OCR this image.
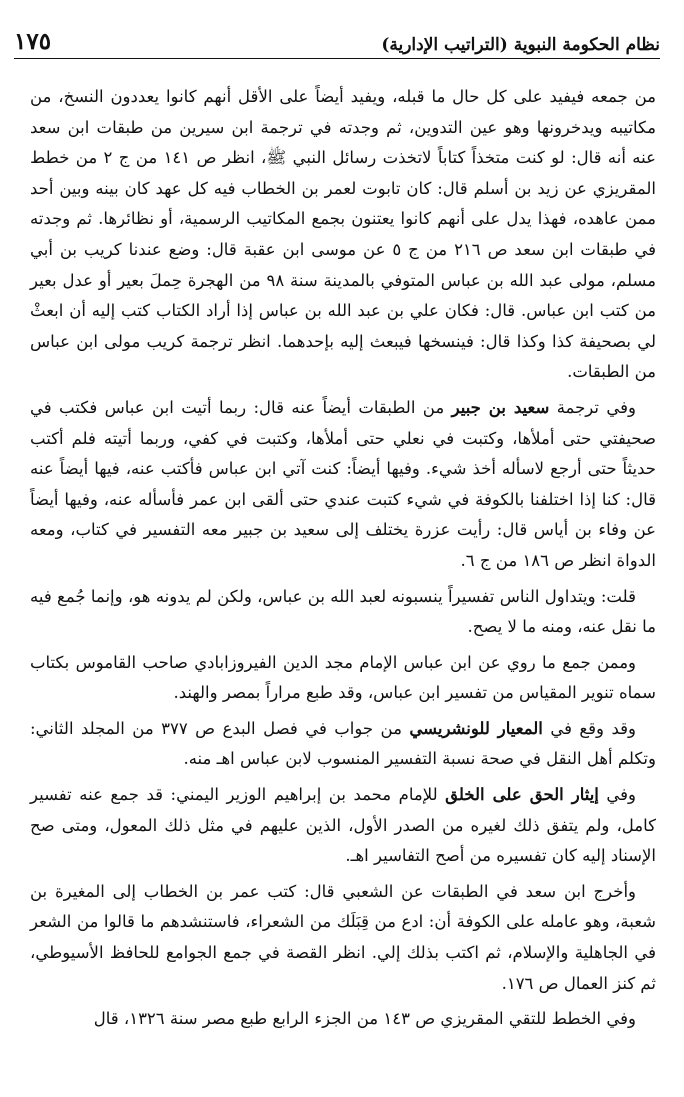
نظام الحكومة النبوية (التراتيب الإدارية)
١٧٥

من جمعه فيفيد على كل حال ما قبله، ويفيد أيضاً على الأقل أنهم كانوا يعددون النسخ، من مكاتيبه ويدخرونها وهو عين التدوين، ثم وجدته في ترجمة ابن سيرين من طبقات ابن سعد عنه أنه قال: لو كنت متخذاً كتاباً لاتخذت رسائل النبي ﷺ، انظر ص ١٤١ من ج ٢ من خطط المقريزي عن زيد بن أسلم قال: كان تابوت لعمر بن الخطاب فيه كل عهد كان بينه وبين أحد ممن عاهده، فهذا يدل على أنهم كانوا يعتنون بجمع المكاتيب الرسمية، أو نظائرها. ثم وجدته في طبقات ابن سعد ص ٢١٦ من ج ٥ عن موسى ابن عقبة قال: وضع عندنا كريب بن أبي مسلم، مولى عبد الله بن عباس المتوفي بالمدينة سنة ٩٨ من الهجرة حِملَ بعير أو عدل بعير من كتب ابن عباس. قال: فكان علي بن عبد الله بن عباس إذا أراد الكتاب كتب إليه أن ابعثْ لي بصحيفة كذا وكذا قال: فينسخها فيبعث إليه بإحدهما. انظر ترجمة كريب مولى ابن عباس من الطبقات.

وفي ترجمة سعيد بن جبير من الطبقات أيضاً عنه قال: ربما أتيت ابن عباس فكتب في صحيفتي حتى أملأها، وكتبت في نعلي حتى أملأها، وكتبت في كفي، وربما أتيته فلم أكتب حديثاً حتى أرجع لاسأله أخذ شيء. وفيها أيضاً: كنت آتي ابن عباس فأكتب عنه، فيها أيضاً عنه قال: كنا إذا اختلفنا بالكوفة في شيء كتبت عندي حتى ألقى ابن عمر فأسأله عنه، وفيها أيضاً عن وفاء بن أياس قال: رأيت عزرة يختلف إلى سعيد بن جبير معه التفسير في كتاب، ومعه الدواة انظر ص ١٨٦ من ج ٦.

قلت: ويتداول الناس تفسيراً ينسبونه لعبد الله بن عباس، ولكن لم يدونه هو، وإنما جُمع فيه ما نقل عنه، ومنه ما لا يصح.

وممن جمع ما روي عن ابن عباس الإمام مجد الدين الفيروزابادي صاحب القاموس بكتاب سماه تنوير المقياس من تفسير ابن عباس، وقد طبع مراراً بمصر والهند.

وقد وقع في المعيار للونشريسي من جواب في فصل البدع ص ٣٧٧ من المجلد الثاني: وتكلم أهل النقل في صحة نسبة التفسير المنسوب لابن عباس اهـ منه.

وفي إيثار الحق على الخلق للإمام محمد بن إبراهيم الوزير اليمني: قد جمع عنه تفسير كامل، ولم يتفق ذلك لغيره من الصدر الأول، الذين عليهم في مثل ذلك المعول، ومتى صح الإسناد إليه كان تفسيره من أصح التفاسير اهـ.

وأخرج ابن سعد في الطبقات عن الشعبي قال: كتب عمر بن الخطاب إلى المغيرة بن شعبة، وهو عامله على الكوفة أن: ادع من قِبَلَك من الشعراء، فاستنشدهم ما قالوا من الشعر في الجاهلية والإسلام، ثم اكتب بذلك إلي. انظر القصة في جمع الجوامع للحافظ الأسيوطي، ثم كنز العمال ص ١٧٦.

وفي الخطط للتقي المقريزي ص ١٤٣ من الجزء الرابع طبع مصر سنة ١٣٢٦، قال
